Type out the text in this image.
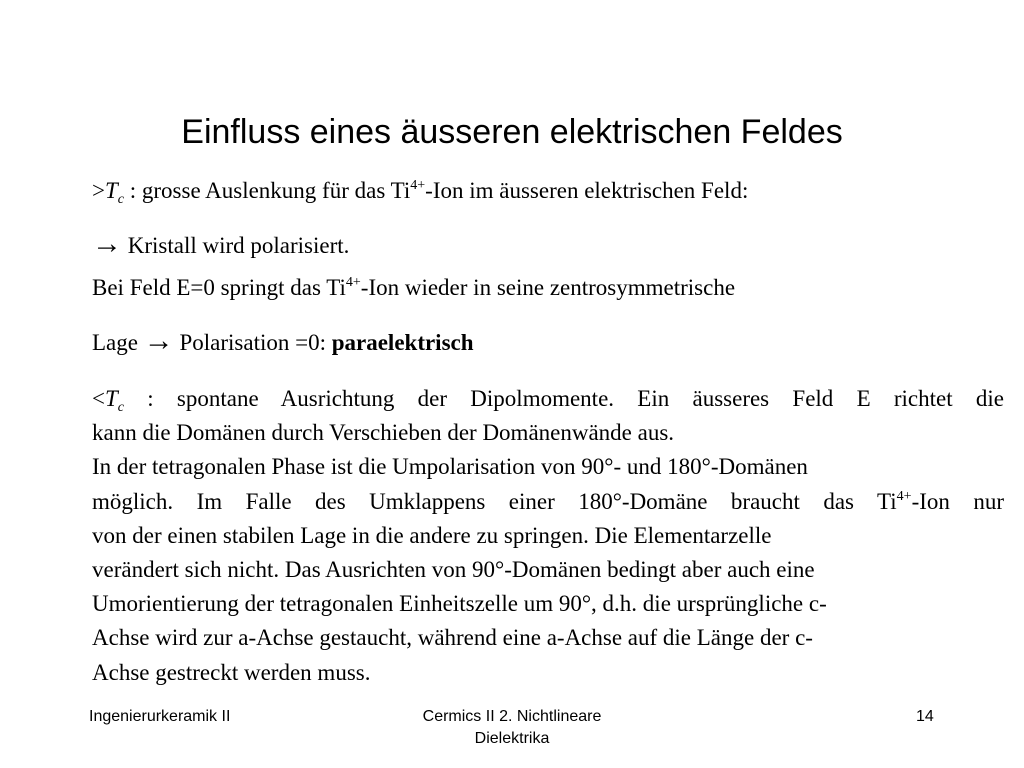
Einfluss eines äusseren elektrischen Feldes
$>T_c$ : grosse Auslenkung für das $Ti^{4+}$-Ion im äusseren elektrischen Feld:
→ Kristall wird polarisiert.
Bei Feld E=0 springt das $Ti^{4+}$-Ion wieder in seine zentrosymmetrische
Lage → Polarisation =0: paraelektrisch
$<T_c$ : spontane Ausrichtung der Dipolmomente. Ein äusseres Feld E richtet die
kann die Domänen durch Verschieben der Domänenwände aus.
In der tetragonalen Phase ist die Umpolarisation von 90°- und 180°-Domänen
möglich. Im Falle des Umklappens einer 180°-Domäne braucht das $Ti^{4+}$-Ion nur
von der einen stabilen Lage in die andere zu springen. Die Elementarzelle
verändert sich nicht. Das Ausrichten von 90°-Domänen bedingt aber auch eine
Umorientierung der tetragonalen Einheitszelle um 90°, d.h. die ursprüngliche c-
Achse wird zur a-Achse gestaucht, während eine a-Achse auf die Länge der c-
Achse gestreckt werden muss.
Ingenierurkeramik II	Cermics II 2. Nichtlineare
Dielektrika
14
